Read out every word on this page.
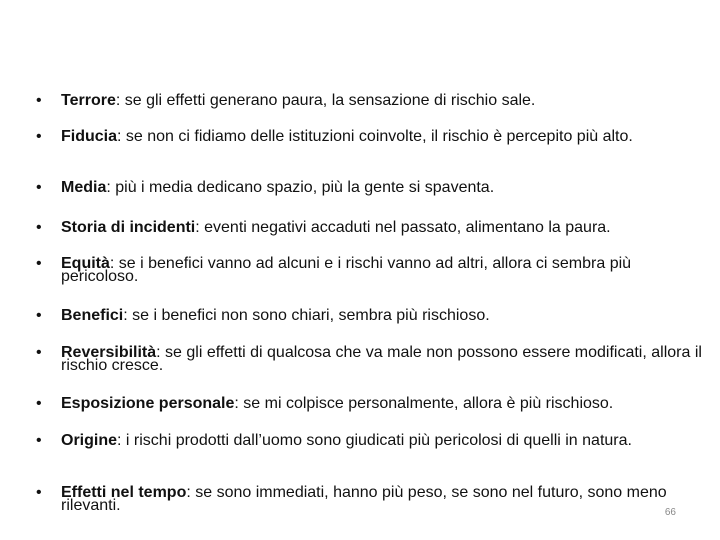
•	Terrore: se gli effetti generano paura, la sensazione di rischio sale.
•	Fiducia: se non ci fidiamo delle istituzioni coinvolte, il rischio è percepito più alto.
•	Media: più i media dedicano spazio, più la gente si spaventa.
•	Storia di incidenti: eventi negativi accaduti nel passato, alimentano la paura.
•	Equità: se i benefici vanno ad alcuni e i rischi vanno ad altri, allora ci sembra più pericoloso.
•	Benefici: se i benefici non sono chiari, sembra più rischioso.
•	Reversibilità: se gli effetti di qualcosa che va male non possono essere modificati, allora il rischio cresce.
•	Esposizione personale: se mi colpisce personalmente, allora è più rischioso.
•	Origine: i rischi prodotti dall’uomo sono giudicati più pericolosi di quelli in natura.
•	Effetti nel tempo: se sono immediati, hanno più peso, se sono nel futuro, sono meno rilevanti.	66
